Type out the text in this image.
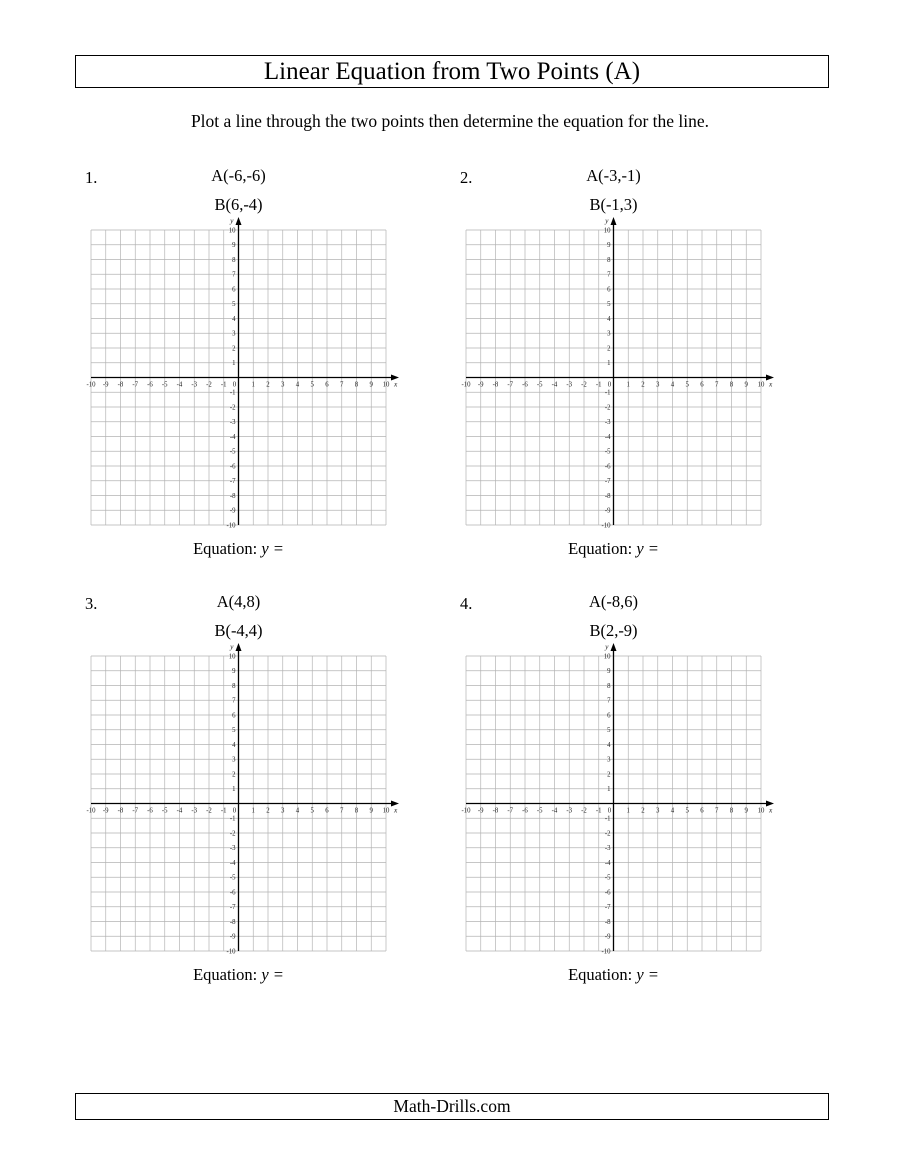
Linear Equation from Two Points (A)

Plot a line through the two points then determine the equation for the line.

1.	A(-6,-6)
B(6,-4)
-10 -9 -8 -7 -6 -5 -4 -3 -2 -1 0 1 2 3 4 5 6 7 8 9 10
-10
-9
-8
-7
-6
-5
-4
-3
-2
-1
1
2
3
4
5
6
7
8
9
10
y
x
Equation: y =
2.	A(-3,-1)
B(-1,3)
-10 -9 -8 -7 -6 -5 -4 -3 -2 -1 0 1 2 3 4 5 6 7 8 9 10
-10
-9
-8
-7
-6
-5
-4
-3
-2
-1
1
2
3
4
5
6
7
8
9
10
y
x
Equation: y =
3.	A(4,8)
B(-4,4)
-10 -9 -8 -7 -6 -5 -4 -3 -2 -1 0 1 2 3 4 5 6 7 8 9 10
-10
-9
-8
-7
-6
-5
-4
-3
-2
-1
1
2
3
4
5
6
7
8
9
10
y
x
Equation: y =
4.	A(-8,6)
B(2,-9)
-10 -9 -8 -7 -6 -5 -4 -3 -2 -1 0 1 2 3 4 5 6 7 8 9 10
-10
-9
-8
-7
-6
-5
-4
-3
-2
-1
1
2
3
4
5
6
7
8
9
10
y
x
Equation: y =
Math-Drills.com
